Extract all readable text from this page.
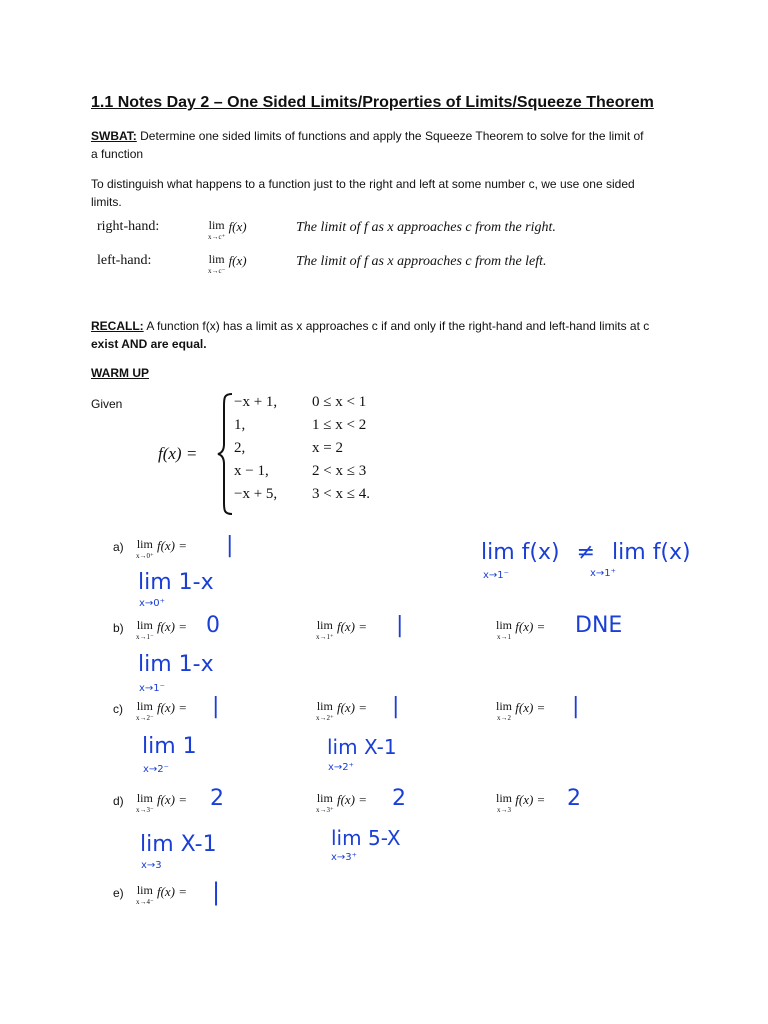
1.1 Notes Day 2 – One Sided Limits/Properties of Limits/Squeeze Theorem
SWBAT: Determine one sided limits of functions and apply the Squeeze Theorem to solve for the limit of
a function
To distinguish what happens to a function just to the right and left at some number c, we use one sided
limits.
right-hand:	lim
x→c⁺
f(x)	The limit of f as x approaches c from the right.
left-hand:	lim
x→c⁻
f(x)	The limit of f as x approaches c from the left.
RECALL: A function f(x) has a limit as x approaches c if and only if the right-hand and left-hand limits at c
exist AND are equal.
WARM UP
Given
f(x) =
−x + 1,	0 ≤ x < 1
1,	1 ≤ x < 2
2,	x = 2
x − 1,	2 < x ≤ 3
−x + 5,	3 < x ≤ 4.
a) lim
x→0⁺
f(x) = |	lim f(x) ≠ lim f(x)
x→1⁻	x→1⁺
lim 1-x
x→0⁺
b) lim
x→1⁻
f(x) = 0	lim
x→1⁺
f(x) = |	lim
x→1
f(x) = DNE
lim 1-x
x→1⁻
c) lim
x→2⁻
f(x) = |	lim
x→2⁺
f(x) = |	lim
x→2
f(x) = |
lim 1
x→2⁻
lim X-1
x→2⁺
d) lim
x→3⁻
f(x) = 2	lim
x→3⁺
f(x) = 2	lim
x→3
f(x) = 2
lim X-1
x→3
lim 5-X
x→3⁺
e) lim
x→4⁻
f(x) = |
